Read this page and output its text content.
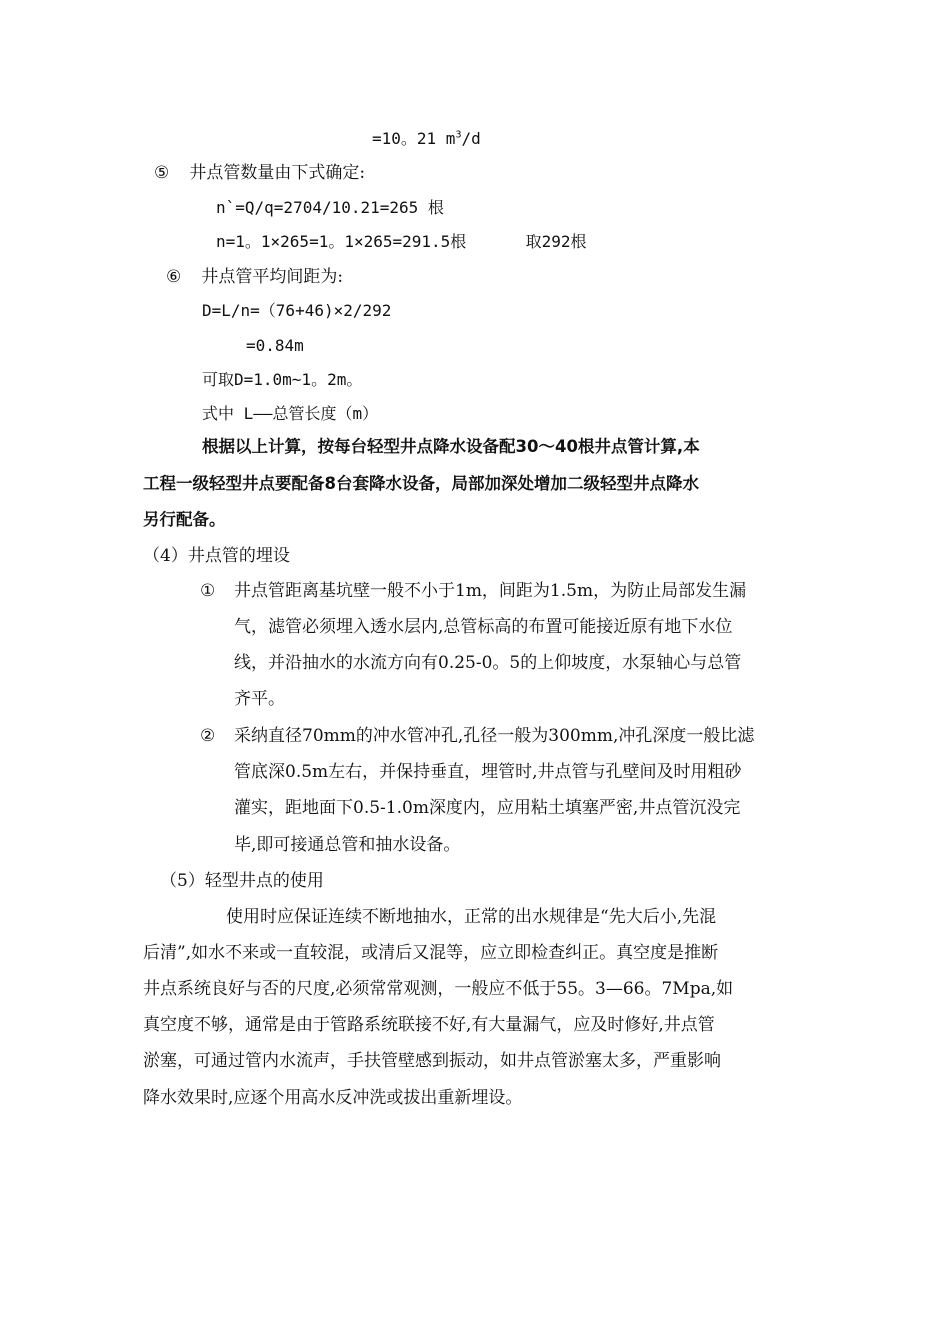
=10。21 $m^3/d$
⑤ 井点管数量由下式确定:
n`=Q/q=2704/10.21=265 根
n=1。1×265=1。1×265=291.5根	取292根
⑥ 井点管平均间距为:
D=L/n=（76+46)×2/292
=0.84m
可取D=1.0m~1。2m。
式中 L——总管长度（m）
根据以上计算，按每台轻型井点降水设备配30～40根井点管计算,本
工程一级轻型井点要配备8台套降水设备，局部加深处增加二级轻型井点降水
另行配备。
（4）井点管的埋设
① 井点管距离基坑壁一般不小于1m，间距为1.5m，为防止局部发生漏
气，滤管必须埋入透水层内,总管标高的布置可能接近原有地下水位
线，并沿抽水的水流方向有0.25-0。5的上仰坡度，水泵轴心与总管
齐平。
② 采纳直径70mm的冲水管冲孔,孔径一般为300mm,冲孔深度一般比滤
管底深0.5m左右，并保持垂直，埋管时,井点管与孔壁间及时用粗砂
灌实，距地面下0.5-1.0m深度内，应用粘土填塞严密,井点管沉没完
毕,即可接通总管和抽水设备。
（5）轻型井点的使用
使用时应保证连续不断地抽水，正常的出水规律是“先大后小,先混
后清”,如水不来或一直较混，或清后又混等，应立即检查纠正。真空度是推断
井点系统良好与否的尺度,必须常常观测，一般应不低于55。3—66。7Mpa,如
真空度不够，通常是由于管路系统联接不好,有大量漏气，应及时修好,井点管
淤塞，可通过管内水流声，手扶管壁感到振动，如井点管淤塞太多，严重影响
降水效果时,应逐个用高水反冲洗或拔出重新埋设。
